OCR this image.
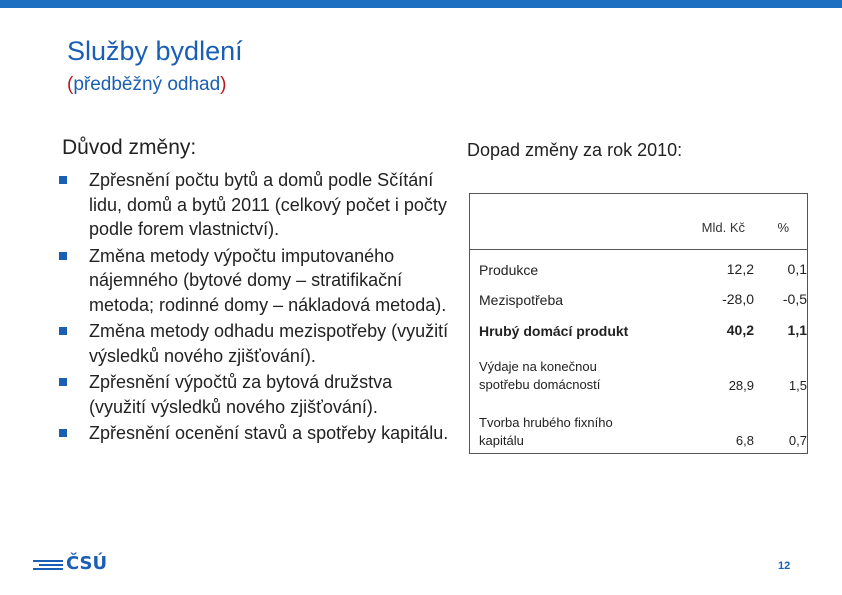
Služby bydlení
(předběžný odhad)
Důvod změny:
Zpřesnění počtu bytů a domů podle Sčítání lidu, domů a bytů 2011 (celkový počet i počty podle forem vlastnictví).
Změna metody výpočtu imputovaného nájemného (bytové domy – stratifikační metoda; rodinné domy – nákladová metoda).
Změna metody odhadu mezispotřeby (využití výsledků nového zjišťování).
Zpřesnění výpočtů za bytová družstva (využití výsledků nového zjišťování).
Zpřesnění ocenění stavů a spotřeby kapitálu.
Dopad změny za rok 2010:
Mld. Kč %
Produkce	12,2 0,1
Mezispotřeba	-28,0 -0,5
Hrubý domácí produkt	40,2 1,1
Výdaje na konečnou spotřebu domácností	28,9	1,5
Tvorba hrubého fixního kapitálu	6,8	0,7
ČSÚ	12
